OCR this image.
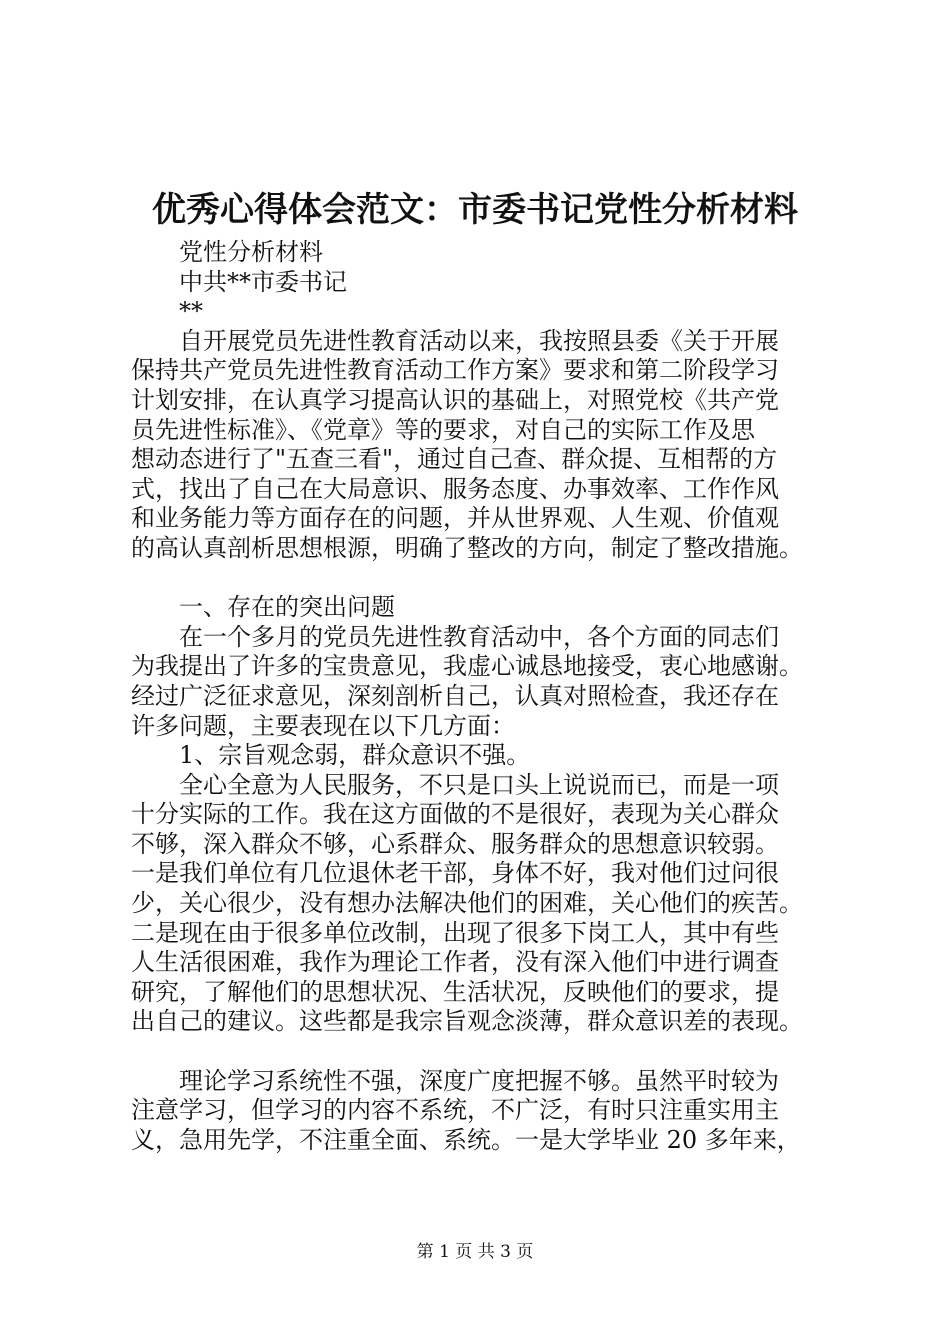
优秀心得体会范文：市委书记党性分析材料
党性分析材料
中共**市委书记
**
自开展党员先进性教育活动以来，我按照县委《关于开展
保持共产党员先进性教育活动工作方案》要求和第二阶段学习
计划安排，在认真学习提高认识的基础上，对照党校《共产党
员先进性标准》、《党章》等的要求，对自己的实际工作及思
想动态进行了"五查三看"，通过自己查、群众提、互相帮的方
式，找出了自己在大局意识、服务态度、办事效率、工作作风
和业务能力等方面存在的问题，并从世界观、人生观、价值观
的高认真剖析思想根源，明确了整改的方向，制定了整改措施。
一、存在的突出问题
在一个多月的党员先进性教育活动中，各个方面的同志们
为我提出了许多的宝贵意见，我虚心诚恳地接受，衷心地感谢。
经过广泛征求意见，深刻剖析自己，认真对照检查，我还存在
许多问题，主要表现在以下几方面：
1、宗旨观念弱，群众意识不强。
全心全意为人民服务，不只是口头上说说而已，而是一项
十分实际的工作。我在这方面做的不是很好，表现为关心群众
不够，深入群众不够，心系群众、服务群众的思想意识较弱。
一是我们单位有几位退休老干部，身体不好，我对他们过问很
少，关心很少，没有想办法解决他们的困难，关心他们的疾苦。
二是现在由于很多单位改制，出现了很多下岗工人，其中有些
人生活很困难，我作为理论工作者，没有深入他们中进行调查
研究，了解他们的思想状况、生活状况，反映他们的要求，提
出自己的建议。这些都是我宗旨观念淡薄，群众意识差的表现。
理论学习系统性不强，深度广度把握不够。虽然平时较为
注意学习，但学习的内容不系统，不广泛，有时只注重实用主
义，急用先学，不注重全面、系统。一是大学毕业 20 多年来，
第 1 页 共 3 页
